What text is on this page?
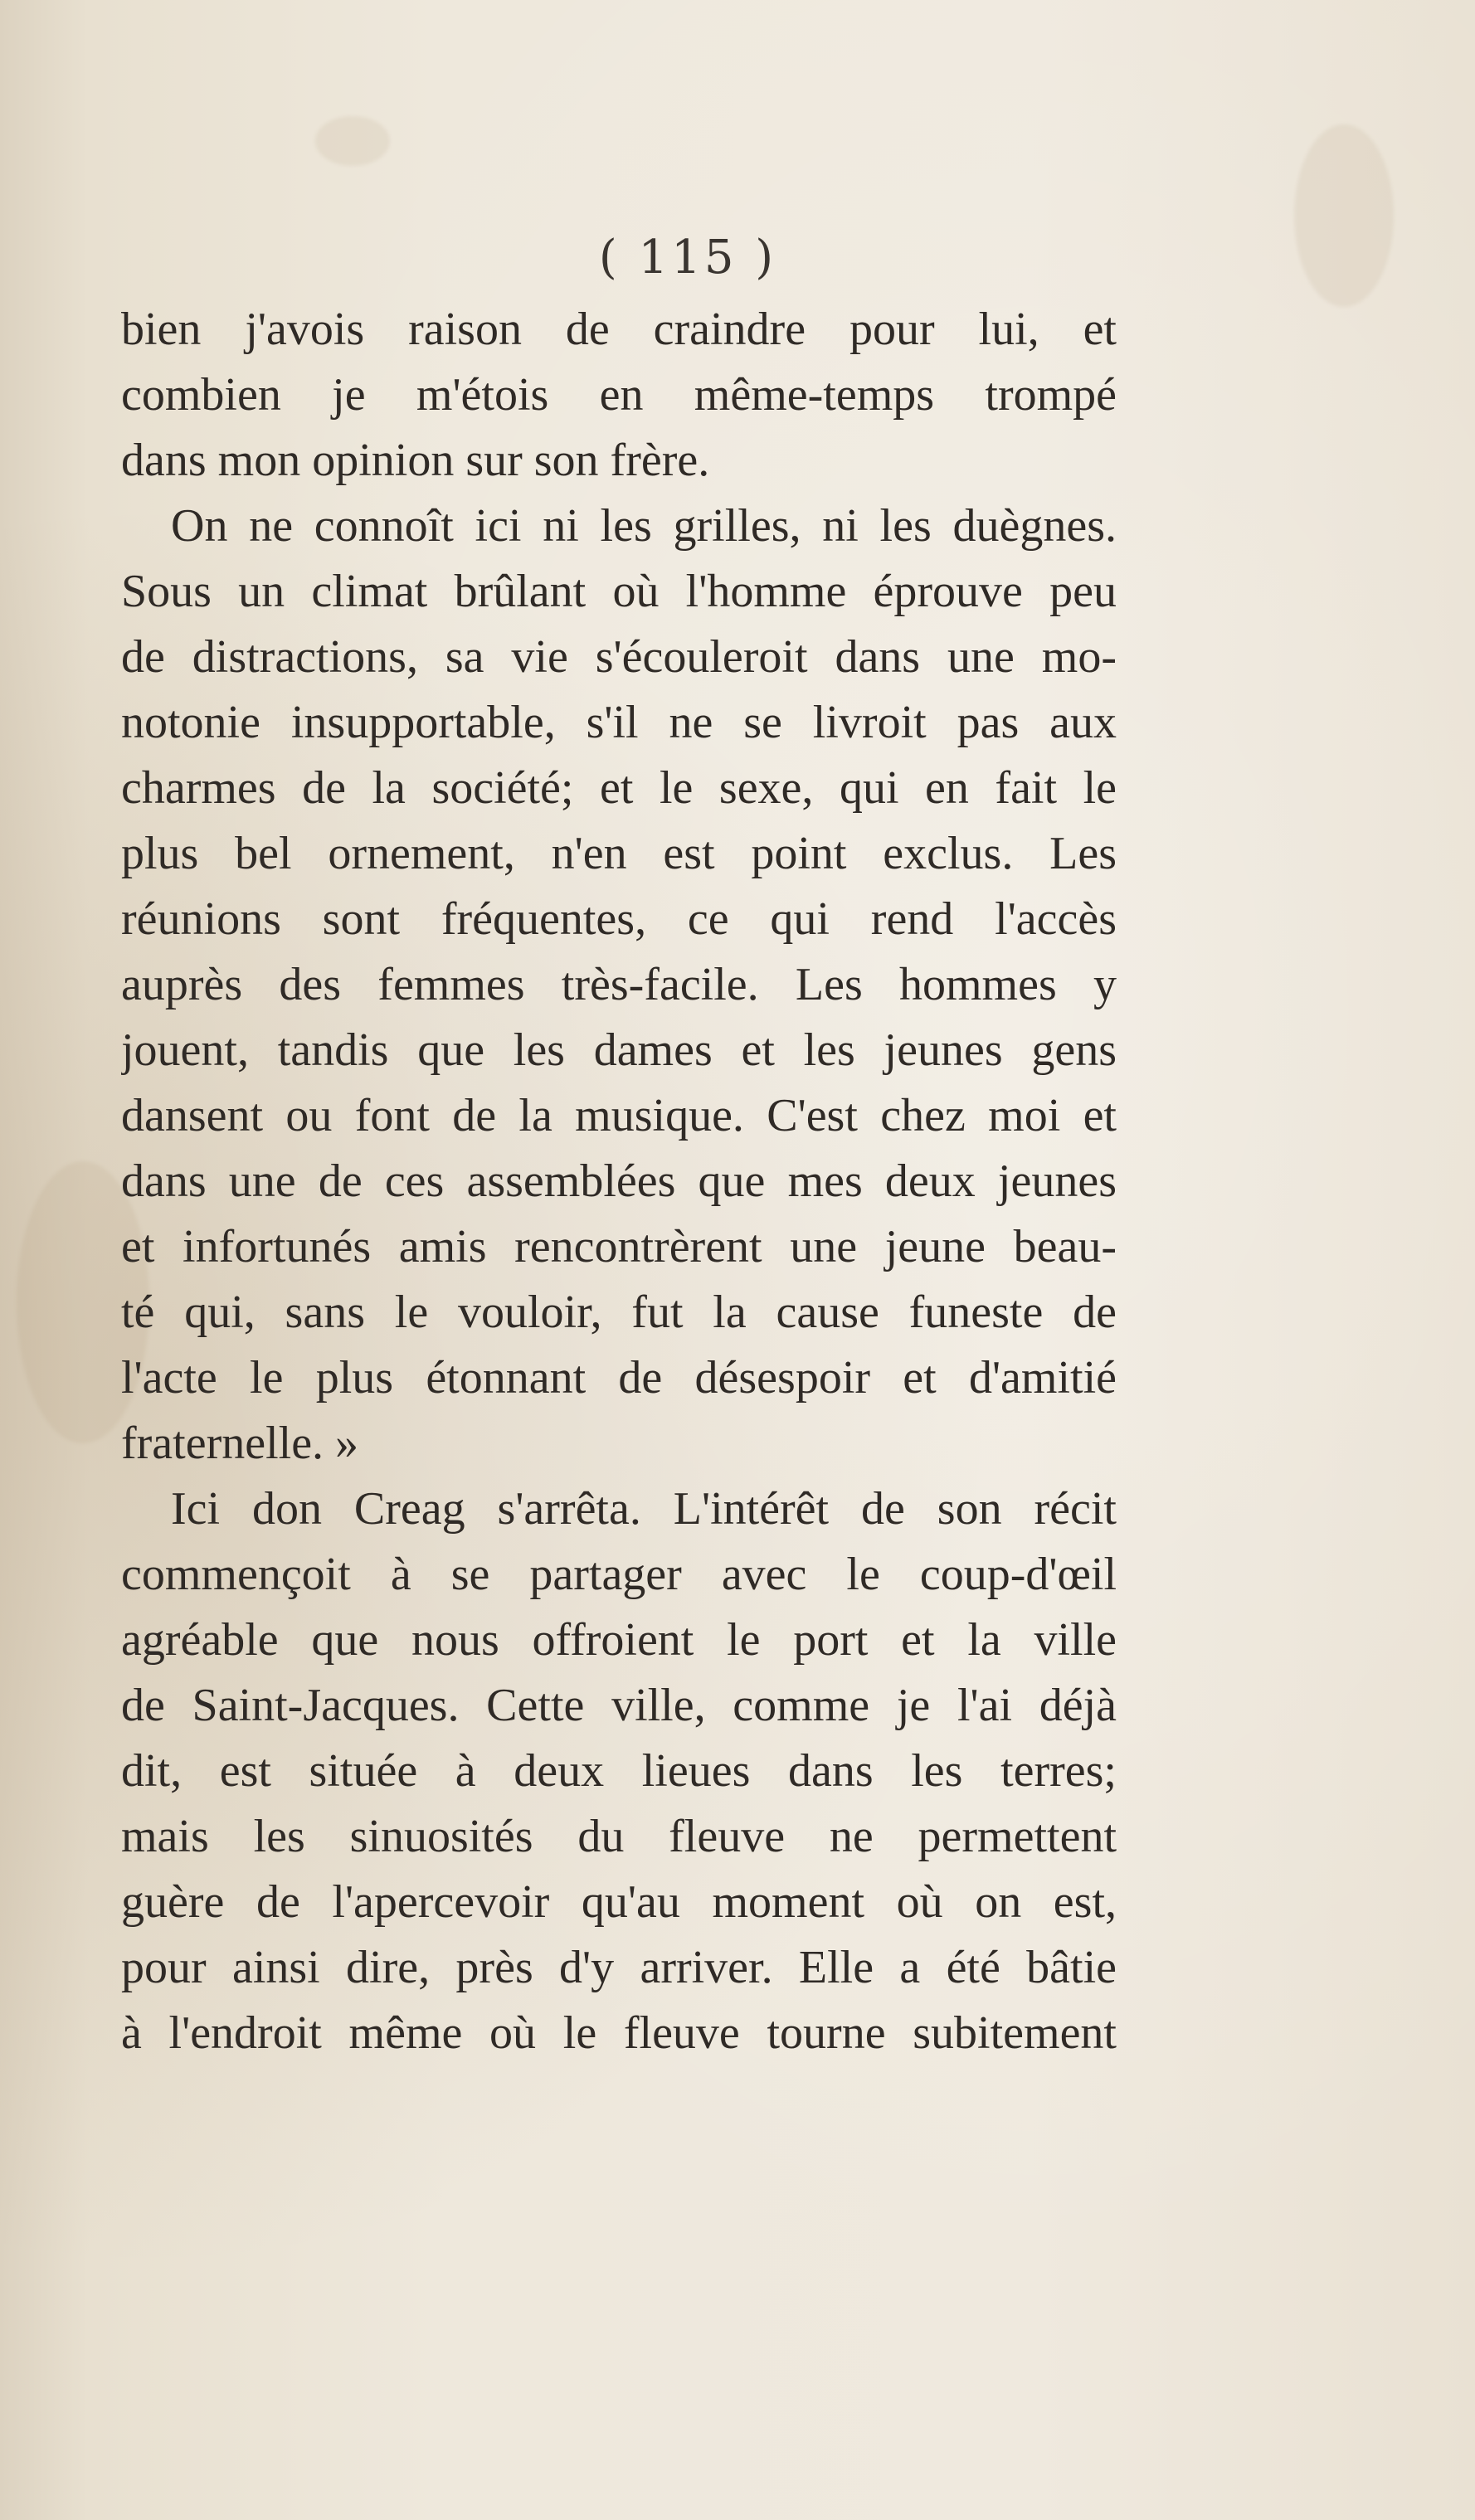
( 115 )
bien j'avois raison de craindre pour lui, et
combien je m'étois en même-temps trompé
dans mon opinion sur son frère.
On ne connoît ici ni les grilles, ni les duègnes.
Sous un climat brûlant où l'homme éprouve peu
de distractions, sa vie s'écouleroit dans une mo-
notonie insupportable, s'il ne se livroit pas aux
charmes de la société; et le sexe, qui en fait le
plus bel ornement, n'en est point exclus. Les
réunions sont fréquentes, ce qui rend l'accès
auprès des femmes très-facile. Les hommes y
jouent, tandis que les dames et les jeunes gens
dansent ou font de la musique. C'est chez moi et
dans une de ces assemblées que mes deux jeunes
et infortunés amis rencontrèrent une jeune beau-
té qui, sans le vouloir, fut la cause funeste de
l'acte le plus étonnant de désespoir et d'amitié
fraternelle. »
Ici don Creag s'arrêta. L'intérêt de son récit
commençoit à se partager avec le coup-d'œil
agréable que nous offroient le port et la ville
de Saint-Jacques. Cette ville, comme je l'ai déjà
dit, est située à deux lieues dans les terres;
mais les sinuosités du fleuve ne permettent
guère de l'apercevoir qu'au moment où on est,
pour ainsi dire, près d'y arriver. Elle a été bâtie
à l'endroit même où le fleuve tourne subitement
